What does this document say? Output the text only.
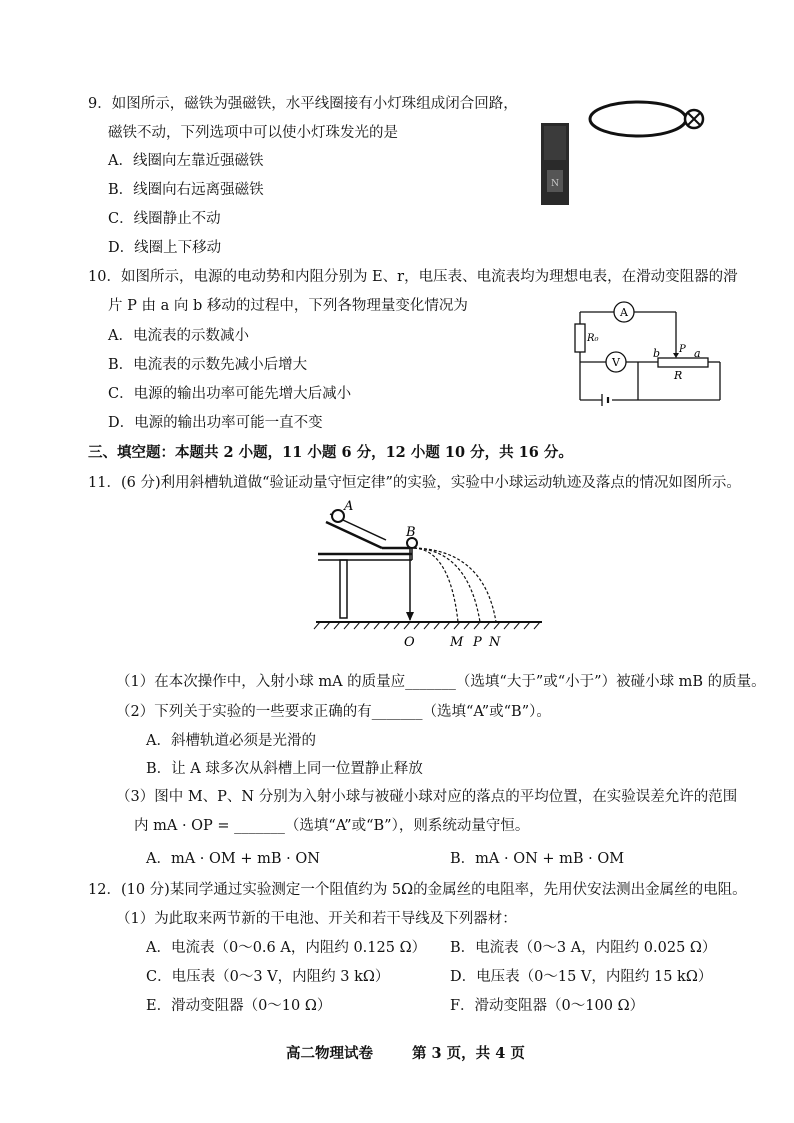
9．如图所示，磁铁为强磁铁，水平线圈接有小灯珠组成闭合回路，
磁铁不动，下列选项中可以使小灯珠发光的是
A．线圈向左靠近强磁铁
B．线圈向右远离强磁铁
C．线圈静止不动
D．线圈上下移动
N
10．如图所示，电源的电动势和内阻分别为 E、r，电压表、电流表均为理想电表，在滑动变阻器的滑
片 P 由 a 向 b 移动的过程中，下列各物理量变化情况为
A．电流表的示数减小
B．电流表的示数先减小后增大
C．电源的输出功率可能先增大后减小
D．电源的输出功率可能一直不变
A
V
R₀
b P a
R
三、填空题：本题共 2 小题，11 小题 6 分，12 小题 10 分，共 16 分。
11．(6 分)利用斜槽轨道做“验证动量守恒定律”的实验，实验中小球运动轨迹及落点的情况如图所示。
A
B
O	M P N
（1）在本次操作中，入射小球 mA 的质量应_______（选填“大于”或“小于”）被碰小球 mB 的质量。
（2）下列关于实验的一些要求正确的有_______（选填“A”或“B”）。
A．斜槽轨道必须是光滑的
B．让 A 球多次从斜槽上同一位置静止释放
（3）图中 M、P、N 分别为入射小球与被碰小球对应的落点的平均位置，在实验误差允许的范围
内 mA · OP = _______（选填“A”或“B”），则系统动量守恒。
A．mA · OM + mB · ON	B．mA · ON + mB · OM
12．(10 分)某同学通过实验测定一个阻值约为 5Ω的金属丝的电阻率，先用伏安法测出金属丝的电阻。
（1）为此取来两节新的干电池、开关和若干导线及下列器材：
A．电流表（0～0.6 A，内阻约 0.125 Ω） B．电流表（0～3 A，内阻约 0.025 Ω）
C．电压表（0～3 V，内阻约 3 kΩ）	D．电压表（0～15 V，内阻约 15 kΩ）
E．滑动变阻器（0～10 Ω）	F．滑动变阻器（0～100 Ω）
高二物理试卷	第 3 页，共 4 页
